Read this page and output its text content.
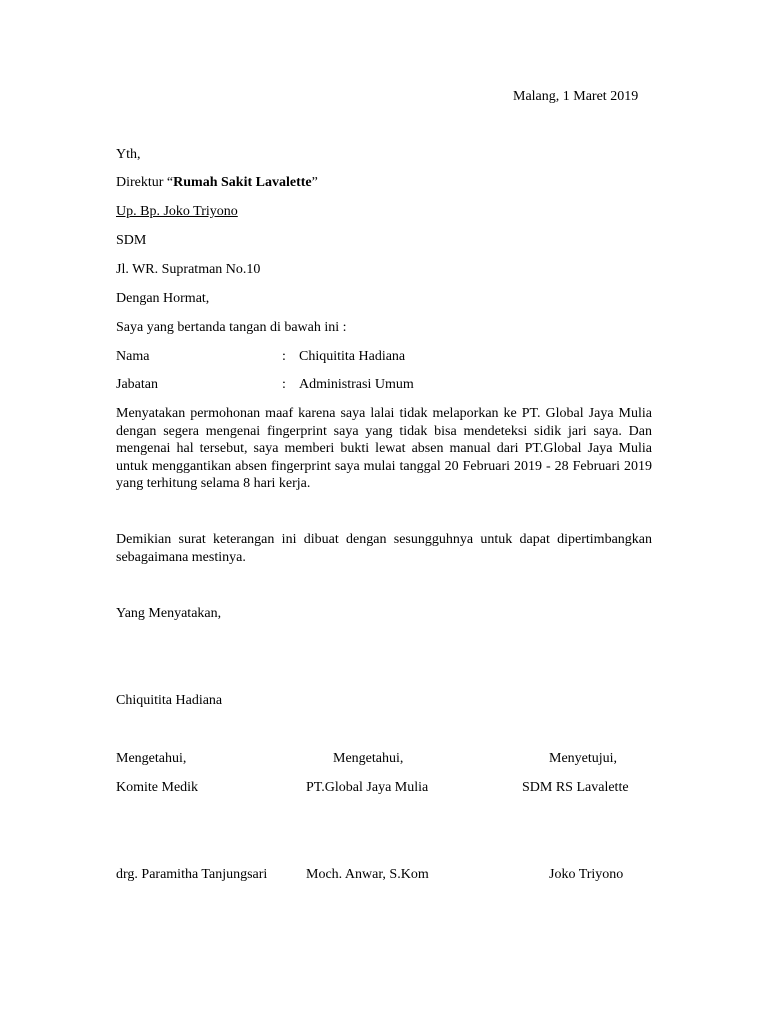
Malang, 1 Maret 2019
Yth,
Direktur “Rumah Sakit Lavalette”
Up. Bp. Joko Triyono
SDM
Jl. WR. Supratman No.10
Dengan Hormat,
Saya yang bertanda tangan di bawah ini :
Nama	: Chiquitita Hadiana
Jabatan	: Administrasi Umum
Menyatakan permohonan maaf karena saya lalai tidak melaporkan ke PT. Global Jaya Mulia dengan segera mengenai fingerprint saya yang tidak bisa mendeteksi sidik jari saya. Dan mengenai hal tersebut, saya memberi bukti lewat absen manual dari PT.Global Jaya Mulia untuk menggantikan absen fingerprint saya mulai tanggal 20 Februari 2019 - 28 Februari 2019 yang terhitung selama 8 hari kerja.
Demikian surat keterangan ini dibuat dengan sesungguhnya untuk dapat dipertimbangkan sebagaimana mestinya.
Yang Menyatakan,
Chiquitita Hadiana
Mengetahui,	Mengetahui,	Menyetujui,
Komite Medik	PT.Global Jaya Mulia	SDM RS Lavalette
drg. Paramitha Tanjungsari	Moch. Anwar, S.Kom	Joko Triyono
